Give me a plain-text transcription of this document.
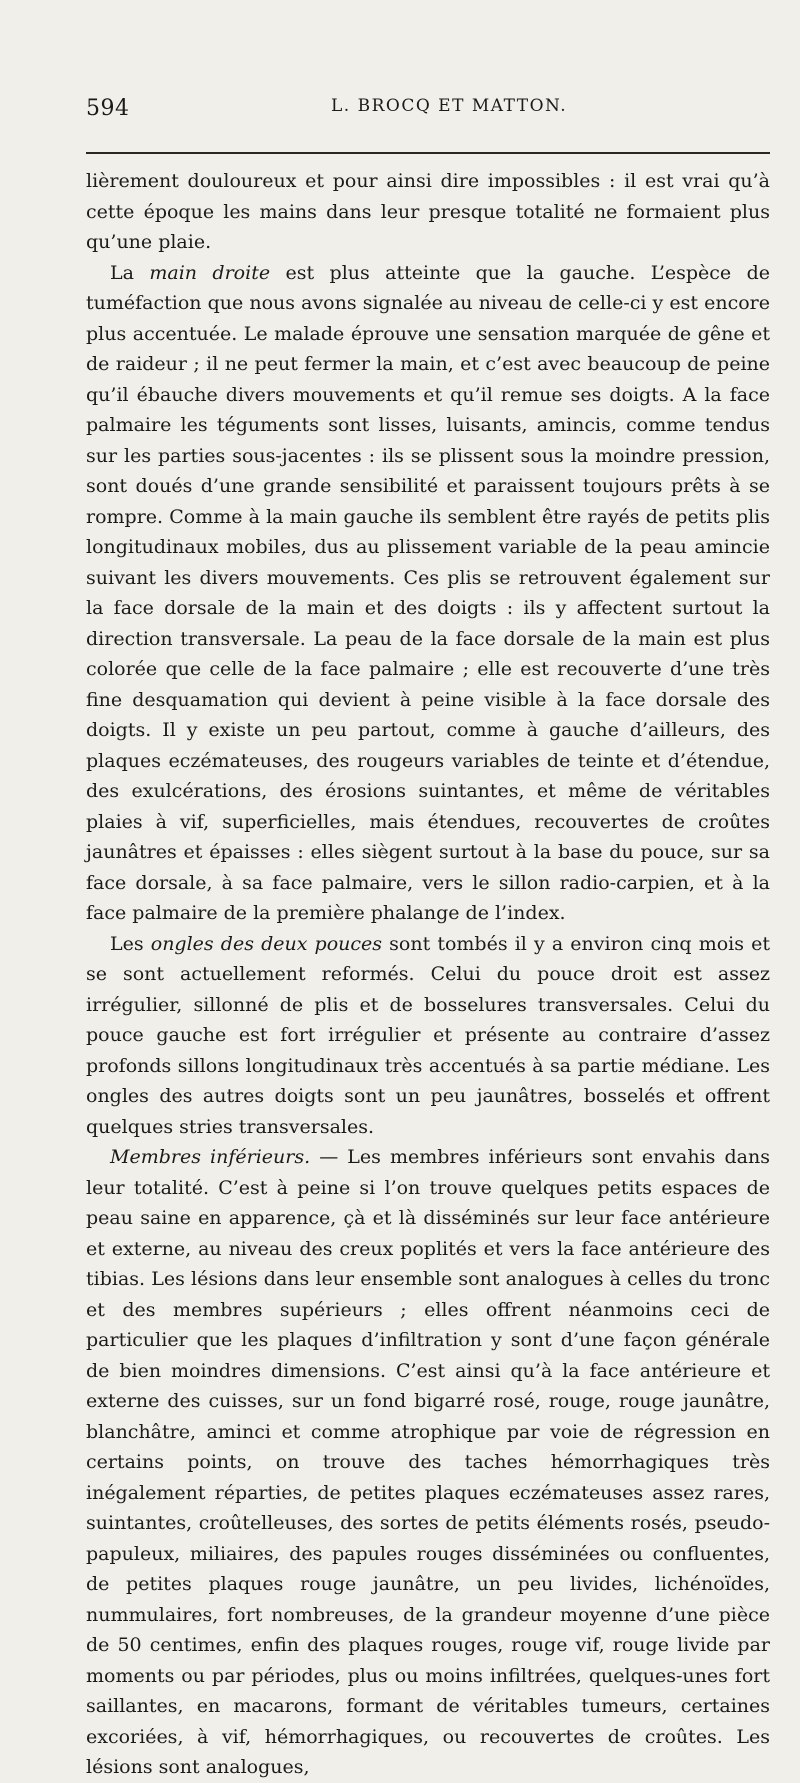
594	L. BROCQ ET MATTON.

lièrement douloureux et pour ainsi dire impossibles : il est vrai qu’à cette époque les mains dans leur presque totalité ne formaient plus qu’une plaie.

La main droite est plus atteinte que la gauche. L’espèce de tuméfaction que nous avons signalée au niveau de celle-ci y est encore plus accentuée. Le malade éprouve une sensation marquée de gêne et de raideur ; il ne peut fermer la main, et c’est avec beaucoup de peine qu’il ébauche divers mouvements et qu’il remue ses doigts. A la face palmaire les téguments sont lisses, luisants, amincis, comme tendus sur les parties sous-jacentes : ils se plissent sous la moindre pression, sont doués d’une grande sensibilité et paraissent toujours prêts à se rompre. Comme à la main gauche ils semblent être rayés de petits plis longitudinaux mobiles, dus au plissement variable de la peau amincie suivant les divers mouvements. Ces plis se retrouvent également sur la face dorsale de la main et des doigts : ils y affectent surtout la direction transversale. La peau de la face dorsale de la main est plus colorée que celle de la face palmaire ; elle est recouverte d’une très fine desquamation qui devient à peine visible à la face dorsale des doigts. Il y existe un peu partout, comme à gauche d’ailleurs, des plaques eczémateuses, des rougeurs variables de teinte et d’étendue, des exulcérations, des érosions suintantes, et même de véritables plaies à vif, superficielles, mais étendues, recouvertes de croûtes jaunâtres et épaisses : elles siègent surtout à la base du pouce, sur sa face dorsale, à sa face palmaire, vers le sillon radio-carpien, et à la face palmaire de la première phalange de l’index.

Les ongles des deux pouces sont tombés il y a environ cinq mois et se sont actuellement reformés. Celui du pouce droit est assez irrégulier, sillonné de plis et de bosselures transversales. Celui du pouce gauche est fort irrégulier et présente au contraire d’assez profonds sillons longitudinaux très accentués à sa partie médiane. Les ongles des autres doigts sont un peu jaunâtres, bosselés et offrent quelques stries transversales.

Membres inférieurs. — Les membres inférieurs sont envahis dans leur totalité. C’est à peine si l’on trouve quelques petits espaces de peau saine en apparence, çà et là disséminés sur leur face antérieure et externe, au niveau des creux poplités et vers la face antérieure des tibias. Les lésions dans leur ensemble sont analogues à celles du tronc et des membres supérieurs ; elles offrent néanmoins ceci de particulier que les plaques d’infiltration y sont d’une façon générale de bien moindres dimensions. C’est ainsi qu’à la face antérieure et externe des cuisses, sur un fond bigarré rosé, rouge, rouge jaunâtre, blanchâtre, aminci et comme atrophique par voie de régression en certains points, on trouve des taches hémorrhagiques très inégalement réparties, de petites plaques eczémateuses assez rares, suintantes, croûtelleuses, des sortes de petits éléments rosés, pseudo-papuleux, miliaires, des papules rouges disséminées ou confluentes, de petites plaques rouge jaunâtre, un peu livides, lichénoïdes, nummulaires, fort nombreuses, de la grandeur moyenne d’une pièce de 50 centimes, enfin des plaques rouges, rouge vif, rouge livide par moments ou par périodes, plus ou moins infiltrées, quelques-unes fort saillantes, en macarons, formant de véritables tumeurs, certaines excoriées, à vif, hémorrhagiques, ou recouvertes de croûtes. Les lésions sont analogues,
